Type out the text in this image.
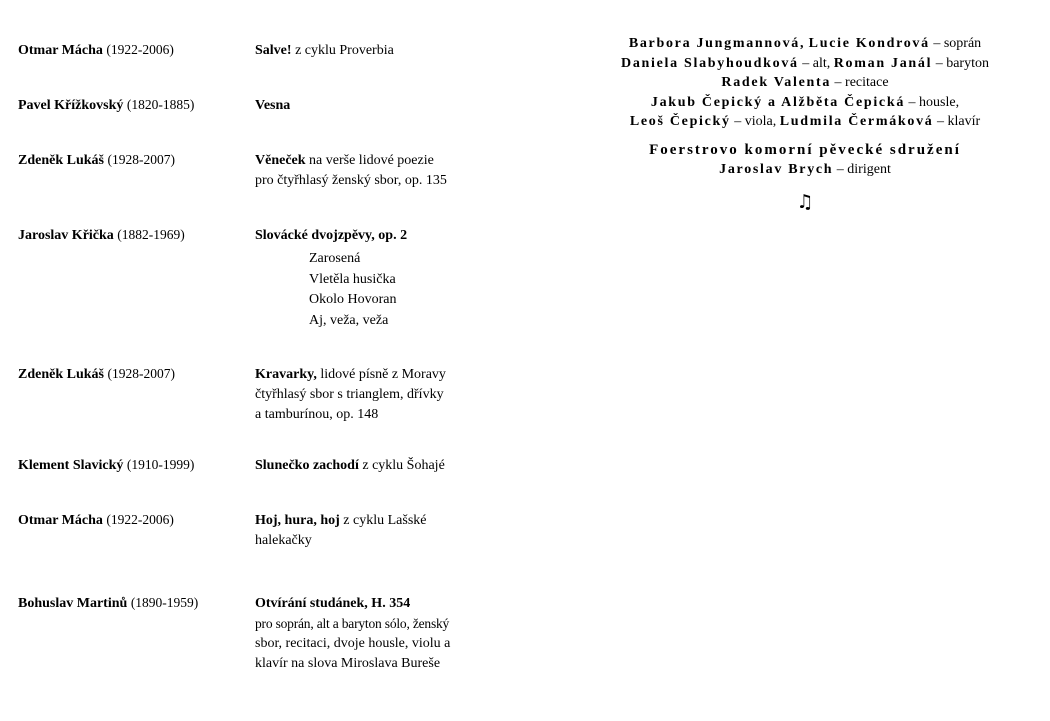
Otmar Mácha (1922-2006)	Salve! z cyklu Proverbia
Pavel Křížkovský (1820-1885)	Vesna
Zdeněk Lukáš (1928-2007)	Věneček na verše lidové poezie
pro čtyřhlasý ženský sbor, op. 135
Jaroslav Křička (1882-1969)	Slovácké dvojzpěvy, op. 2
Zarosená
Vletěla husička
Okolo Hovoran
Aj, veža, veža
Zdeněk Lukáš (1928-2007)	Kravarky, lidové písně z Moravy
čtyřhlasý sbor s trianglem, dřívky
a tamburínou, op. 148
Klement Slavický (1910-1999)	Slunečko zachodí z cyklu Šohajé
Otmar Mácha (1922-2006)	Hoj, hura, hoj z cyklu Lašské
halekačky
Bohuslav Martinů (1890-1959)	Otvírání studánek, H. 354
pro soprán, alt a baryton sólo, ženský
sbor, recitaci, dvoje housle, violu a
klavír na slova Miroslava Bureše
Barbora Jungmannová, Lucie Kondrová – soprán
Daniela Slabyhoudková – alt, Roman Janál – baryton
Radek Valenta – recitace
Jakub Čepický a Alžběta Čepická – housle,
Leoš Čepický – viola, Ludmila Čermáková – klavír
Foerstrovo komorní pěvecké sdružení
Jaroslav Brych – dirigent
♫
